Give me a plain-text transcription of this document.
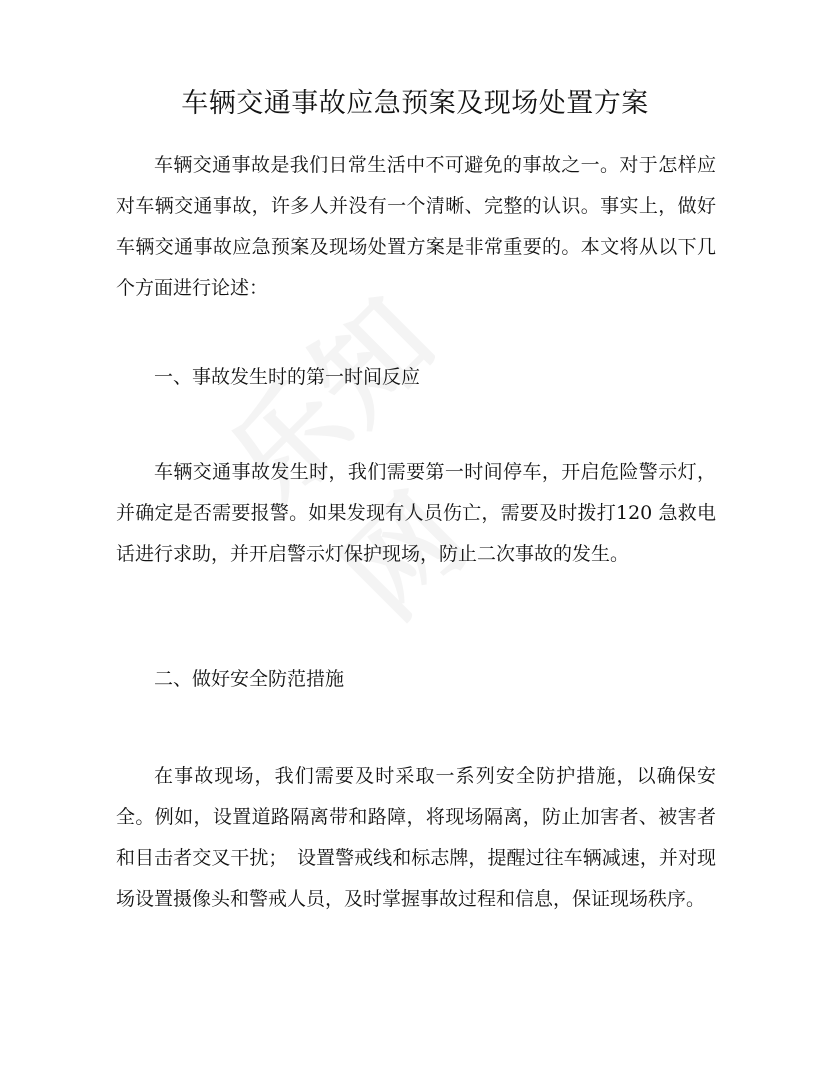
车辆交通事故应急预案及现场处置方案

车辆交通事故是我们日常生活中不可避免的事故之一。对于怎样应对车辆交通事故，许多人并没有一个清晰、完整的认识。事实上，做好车辆交通事故应急预案及现场处置方案是非常重要的。本文将从以下几个方面进行论述：

一、事故发生时的第一时间反应

车辆交通事故发生时，我们需要第一时间停车，开启危险警示灯，并确定是否需要报警。如果发现有人员伤亡，需要及时拨打120 急救电话进行求助，并开启警示灯保护现场，防止二次事故的发生。

二、做好安全防范措施

在事故现场，我们需要及时采取一系列安全防护措施，以确保安全。例如，设置道路隔离带和路障，将现场隔离，防止加害者、被害者和目击者交叉干扰；　设置警戒线和标志牌，提醒过往车辆减速，并对现场设置摄像头和警戒人员，及时掌握事故过程和信息，保证现场秩序。
